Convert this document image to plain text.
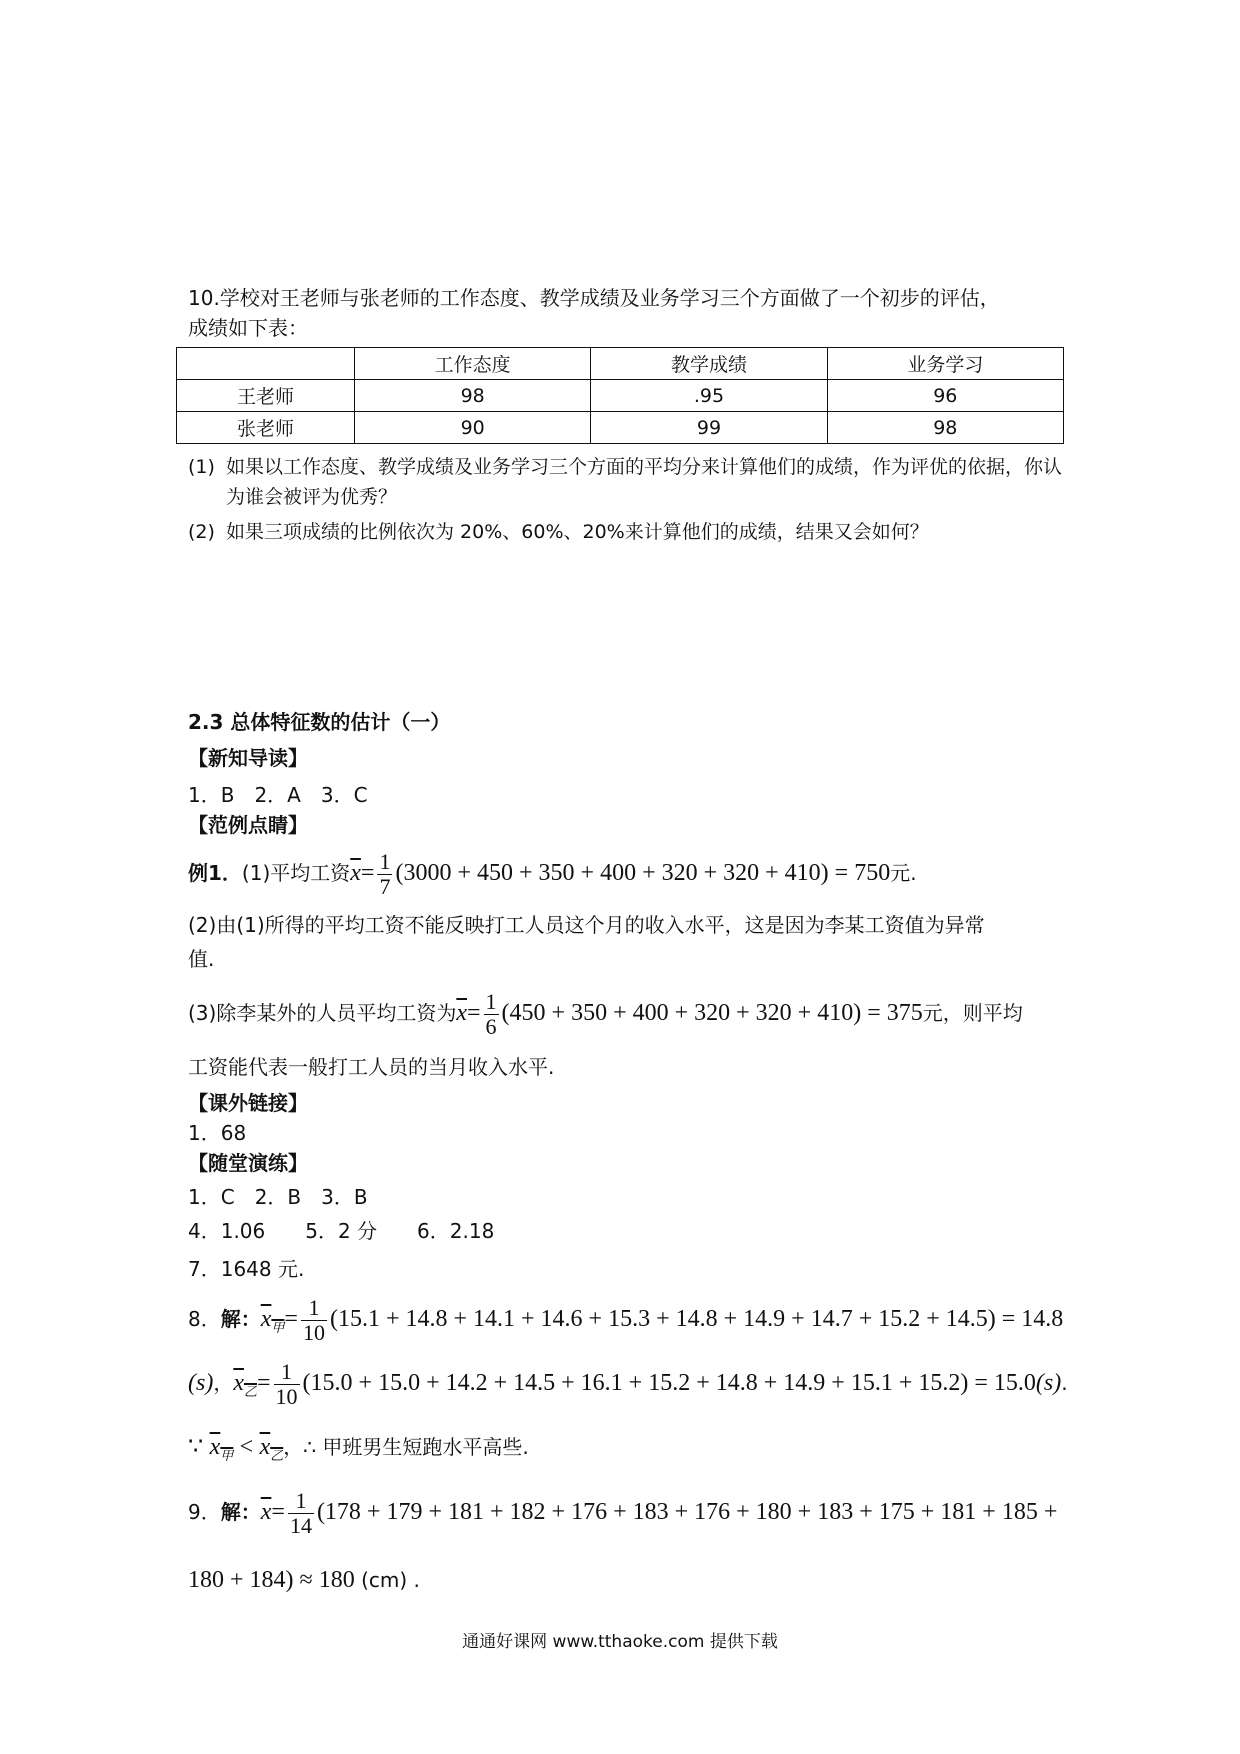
10.学校对王老师与张老师的工作态度、教学成绩及业务学习三个方面做了一个初步的评估，
成绩如下表：
	工作态度	教学成绩	业务学习
王老师	98	.95	96
张老师	90	99	98
(1) 如果以工作态度、教学成绩及业务学习三个方面的平均分来计算他们的成绩，作为评优的依据，你认为谁会被评为优秀？
(2) 如果三项成绩的比例依次为 20%、60%、20%来计算他们的成绩，结果又会如何？
2.3 总体特征数的估计（一）
【新知导读】
1．B　2．A　3．C
【范例点睛】
例1．(1)平均工资$\overline{x}= \frac{1}{7} (3000 + 450 + 350 + 400 + 320 + 320 + 410) = 750$元.
(2)由(1)所得的平均工资不能反映打工人员这个月的收入水平，这是因为李某工资值为异常
值.
(3)除李某外的人员平均工资为$\overline{x}= \frac{1}{6} (450 + 350 + 400 + 320 + 320 + 410) = 375$元，则平均
工资能代表一般打工人员的当月收入水平.
【课外链接】
1．68
【随堂演练】
1．C　2．B　3．B
4．1.06　　5．2 分　　6．2.18
7．1648 元.
8．解：$x_甲= \frac{1}{10} (15.1 + 14.8 + 14.1 + 14.6 + 15.3 + 14.8 + 14.9 + 14.7 + 15.2 + 14.5) = 14.8$
(s)，$x_乙= \frac{1}{10} (15.0 + 15.0 + 14.2 + 14.5 + 16.1 + 15.2 + 14.8 + 14.9 + 15.1 + 15.2) = 15.0(s)$.
∵ $x_甲 < x_乙$，∴ 甲班男生短跑水平高些.
9．解：$\overline{x}= \frac{1}{14} (178 + 179 + 181 + 182 + 176 + 183 + 176 + 180 + 183 + 175 + 181 + 185$ +
180 + 184) ≈ 180 (cm) .
通通好课网 www.tthaoke.com 提供下载
